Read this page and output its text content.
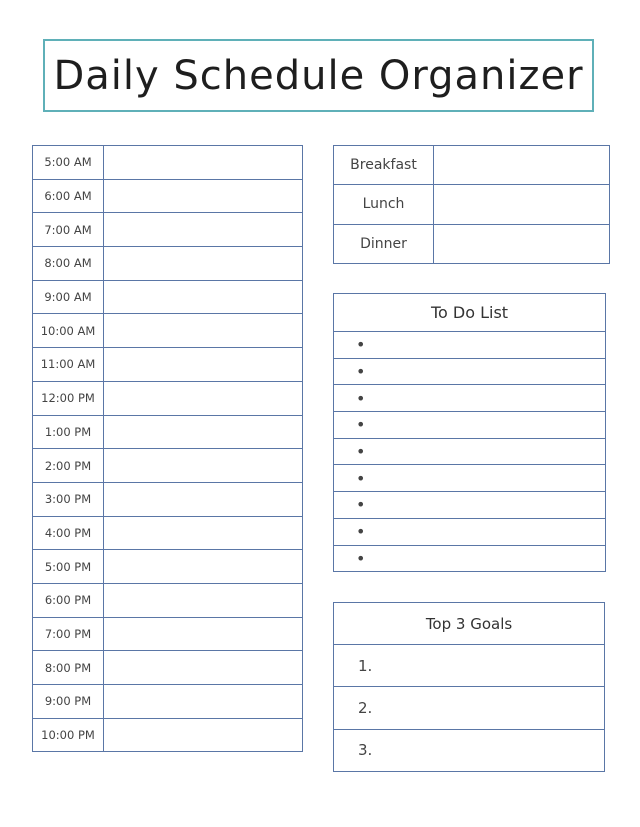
Daily Schedule Organizer
5:00 AM	
6:00 AM	
7:00 AM	
8:00 AM	
9:00 AM	
10:00 AM	
11:00 AM	
12:00 PM	
1:00 PM	
2:00 PM	
3:00 PM	
4:00 PM	
5:00 PM	
6:00 PM	
7:00 PM	
8:00 PM	
9:00 PM	
10:00 PM	
Breakfast	
Lunch	
Dinner	
To Do List
•
•
•
•
•
•
•
•
•
Top 3 Goals
1.
2.
3.
